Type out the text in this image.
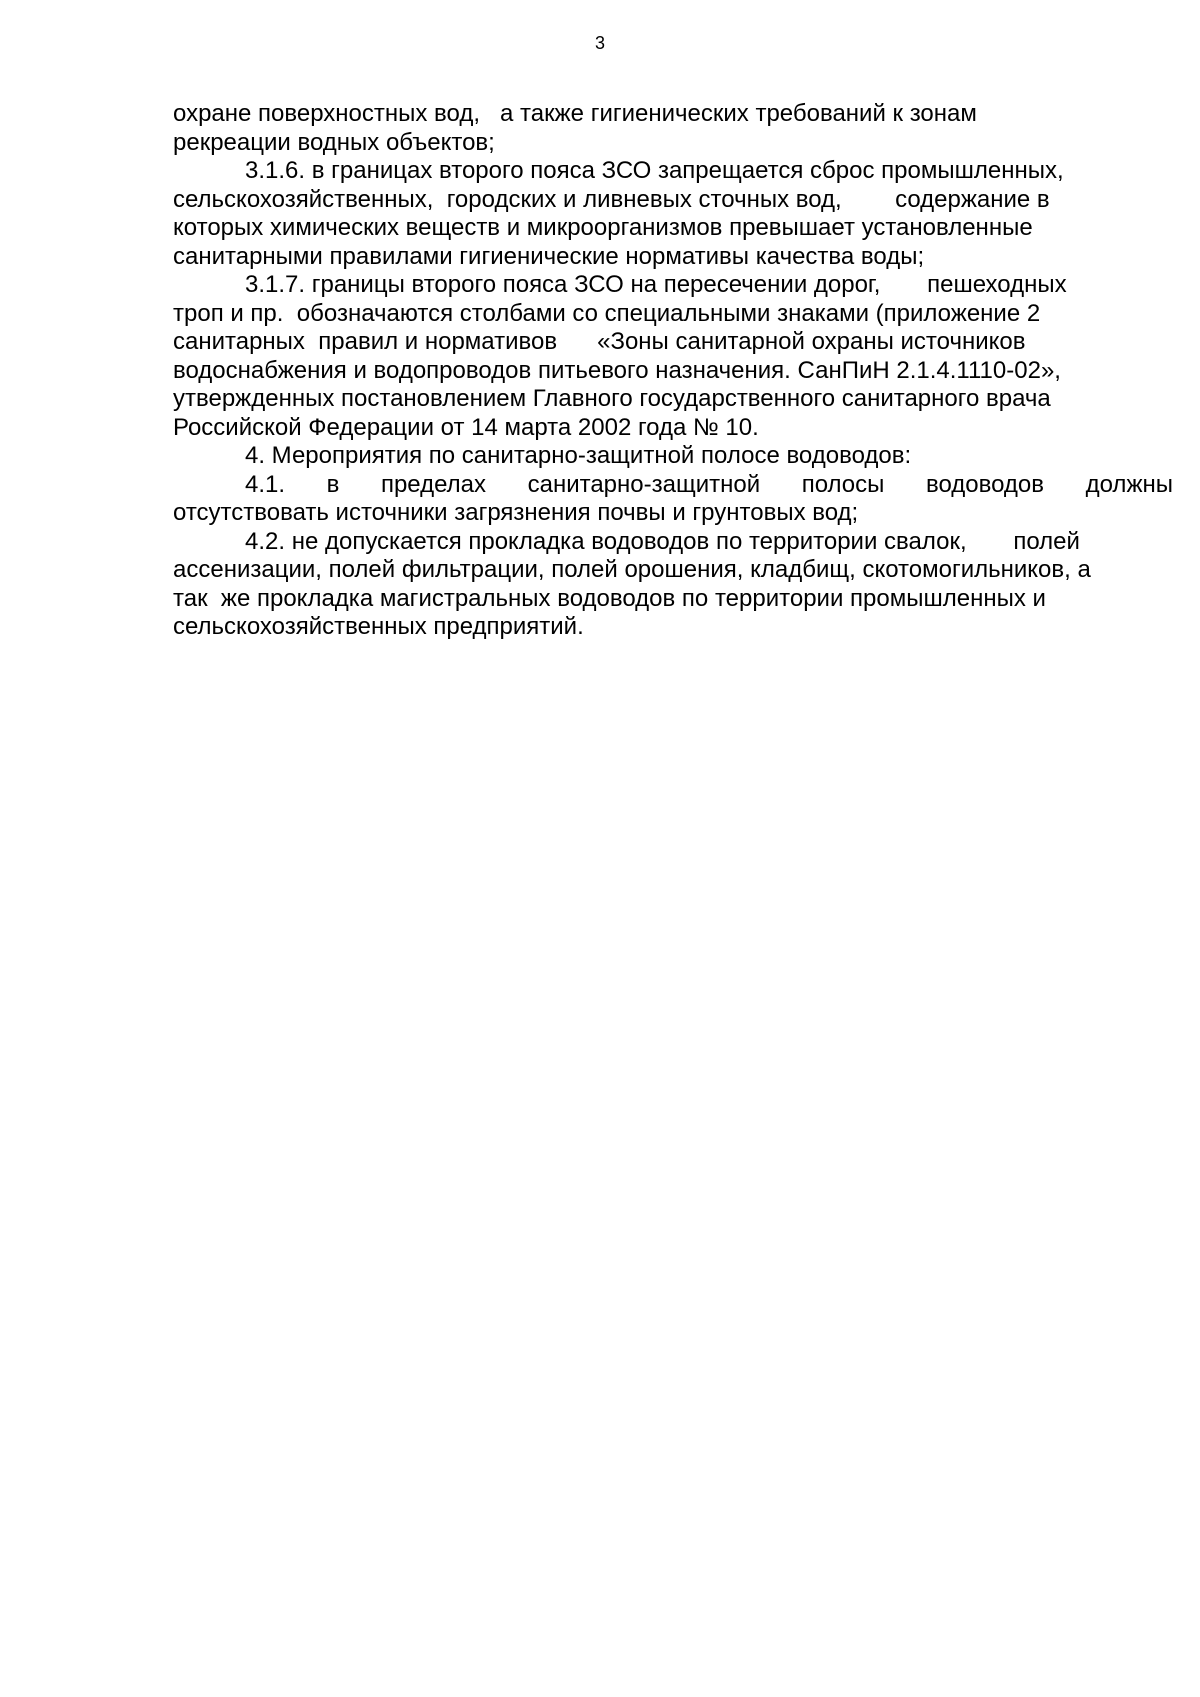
3
охране поверхностных вод,   а также гигиенических требований к зонам
рекреации водных объектов;
3.1.6. в границах второго пояса ЗСО запрещается сброс промышленных,
сельскохозяйственных,  городских и ливневых сточных вод,        содержание в
которых химических веществ и микроорганизмов превышает установленные
санитарными правилами гигиенические нормативы качества воды;
3.1.7. границы второго пояса ЗСО на пересечении дорог,       пешеходных
троп и пр.  обозначаются столбами со специальными знаками (приложение 2
санитарных  правил и нормативов      «Зоны санитарной охраны источников
водоснабжения и водопроводов питьевого назначения. СанПиН 2.1.4.1110-02»,
утвержденных постановлением Главного государственного санитарного врача
Российской Федерации от 14 марта 2002 года № 10.
4. Мероприятия по санитарно-защитной полосе водоводов:
4.1. в пределах санитарно-защитной полосы водоводов должны
отсутствовать источники загрязнения почвы и грунтовых вод;
4.2. не допускается прокладка водоводов по территории свалок,       полей
ассенизации, полей фильтрации, полей орошения, кладбищ, скотомогильников, а
так  же прокладка магистральных водоводов по территории промышленных и
сельскохозяйственных предприятий.
